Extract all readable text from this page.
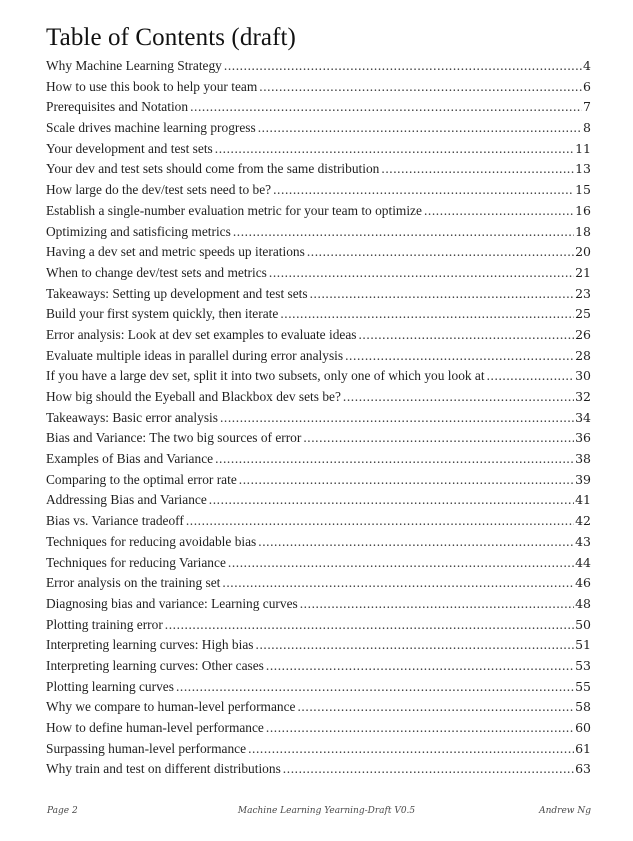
Table of Contents (draft)
Why Machine Learning Strategy .....	4
How to use this book to help your team .....	6
Prerequisites and Notation .....	7
Scale drives machine learning progress .....	8
Your development and test sets .....	11
Your dev and test sets should come from the same distribution .....	13
How large do the dev/test sets need to be? .....	15
Establish a single-number evaluation metric for your team to optimize .....	16
Optimizing and satisficing metrics .....	18
Having a dev set and metric speeds up iterations .....	20
When to change dev/test sets and metrics .....	21
Takeaways: Setting up development and test sets .....	23
Build your first system quickly, then iterate .....	25
Error analysis: Look at dev set examples to evaluate ideas .....	26
Evaluate multiple ideas in parallel during error analysis .....	28
If you have a large dev set, split it into two subsets, only one of which you look at .....	30
How big should the Eyeball and Blackbox dev sets be? .....	32
Takeaways: Basic error analysis .....	34
Bias and Variance: The two big sources of error .....	36
Examples of Bias and Variance .....	38
Comparing to the optimal error rate .....	39
Addressing Bias and Variance .....	41
Bias vs. Variance tradeoff .....	42
Techniques for reducing avoidable bias .....	43
Techniques for reducing Variance .....	44
Error analysis on the training set .....	46
Diagnosing bias and variance: Learning curves .....	48
Plotting training error .....	50
Interpreting learning curves: High bias .....	51
Interpreting learning curves: Other cases .....	53
Plotting learning curves .....	55
Why we compare to human-level performance .....	58
How to define human-level performance .....	60
Surpassing human-level performance .....	61
Why train and test on different distributions .....	63
Page 2	Machine Learning Yearning-Draft V0.5	Andrew Ng
